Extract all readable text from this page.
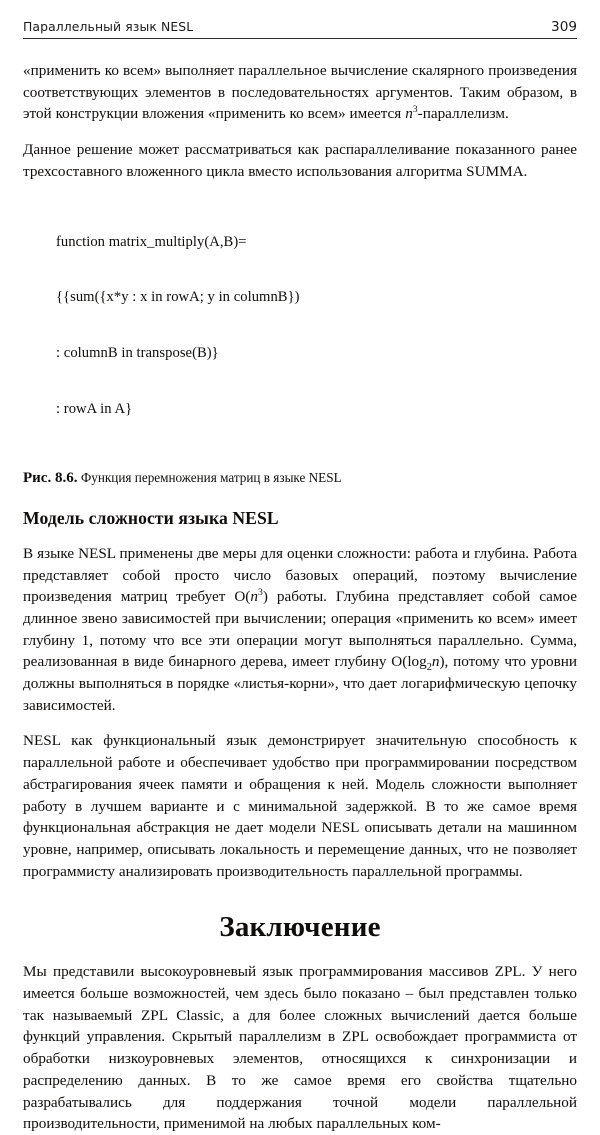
Параллельный язык NESL	309

«применить ко всем» выполняет параллельное вычисление скалярного произведения соответствующих элементов в последовательностях аргументов. Таким образом, в этой конструкции вложения «применить ко всем» имеется $n^3$-параллелизм.

Данное решение может рассматриваться как распараллеливание показанного ранее трехсоставного вложенного цикла вместо использования алгоритма SUMMA.

function matrix_multiply(A,B)=

{{sum({x*y : x in rowA; y in columnB})

: columnB in transpose(B)}

: rowA in A}

Рис. 8.6. Функция перемножения матриц в языке NESL
Модель сложности языка NESL

В языке NESL применены две меры для оценки сложности: работа и глубина. Работа представляет собой просто число базовых операций, поэтому вычисление произведения матриц требует $O(n^3)$ работы. Глубина представляет собой самое длинное звено зависимостей при вычислении; операция «применить ко всем» имеет глубину 1, потому что все эти операции могут выполняться параллельно. Сумма, реализованная в виде бинарного дерева, имеет глубину $O(\log_2n)$, потому что уровни должны выполняться в порядке «листья-корни», что дает логарифмическую цепочку зависимостей.

NESL как функциональный язык демонстрирует значительную способность к параллельной работе и обеспечивает удобство при программировании посредством абстрагирования ячеек памяти и обращения к ней. Модель сложности выполняет работу в лучшем варианте и с минимальной задержкой. В то же самое время функциональная абстракция не дает модели NESL описывать детали на машинном уровне, например, описывать локальность и перемещение данных, что не позволяет программисту анализировать производительность параллельной программы.

Заключение

Мы представили высокоуровневый язык программирования массивов ZPL. У него имеется больше возможностей, чем здесь было показано – был представлен только так называемый ZPL Classic, а для более сложных вычислений дается больше функций управления. Скрытый параллелизм в ZPL освобождает программиста от обработки низкоуровневых элементов, относящихся к синхронизации и распределению данных. В то же самое время его свойства тщательно разрабатывались для поддержания точной модели параллельной производительности, применимой на любых параллельных ком-
